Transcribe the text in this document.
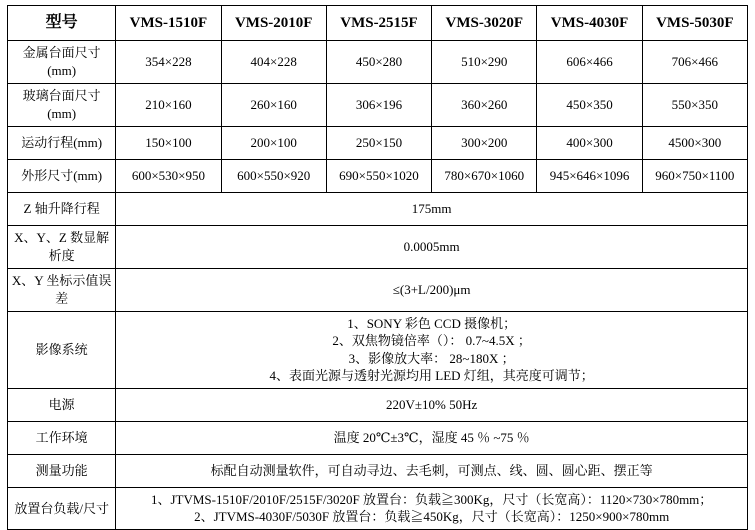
型号	VMS-1510F	VMS-2010F	VMS-2515F	VMS-3020F	VMS-4030F	VMS-5030F
金属台面尺寸(mm)	354×228	404×228	450×280	510×290	606×466	706×466
玻璃台面尺寸(mm)	210×160	260×160	306×196	360×260	450×350	550×350
运动行程(mm)	150×100	200×100	250×150	300×200	400×300	4500×300
外形尺寸(mm)	600×530×950	600×550×920	690×550×1020	780×670×1060	945×646×1096	960×750×1100
Z 轴升降行程	175mm					
X、Y、Z 数显解析度	0.0005mm					
X、Y 坐标示值误差	≤(3+L/200)μm					
影像系统	1、SONY 彩色 CCD 摄像机；
2、双焦物镜倍率（）： 0.7~4.5X ；
3、影像放大率： 28~180X ；
4、表面光源与透射光源均用 LED 灯组，其亮度可调节；					

电源	220V±10% 50Hz					
工作环境	温度 20℃±3℃，湿度 45 ％ ~75 ％					
测量功能	标配自动测量软件，可自动寻边、去毛刺，可测点、线、圆、圆心距、摆正等					
放置台负载/尺寸	1、JTVMS-1510F/2010F/2515F/3020F 放置台：负载≧300Kg，尺寸（长宽高）：1120×730×780mm；
2、JTVMS-4030F/5030F 放置台：负载≧450Kg，尺寸（长宽高）：1250×900×780mm					
